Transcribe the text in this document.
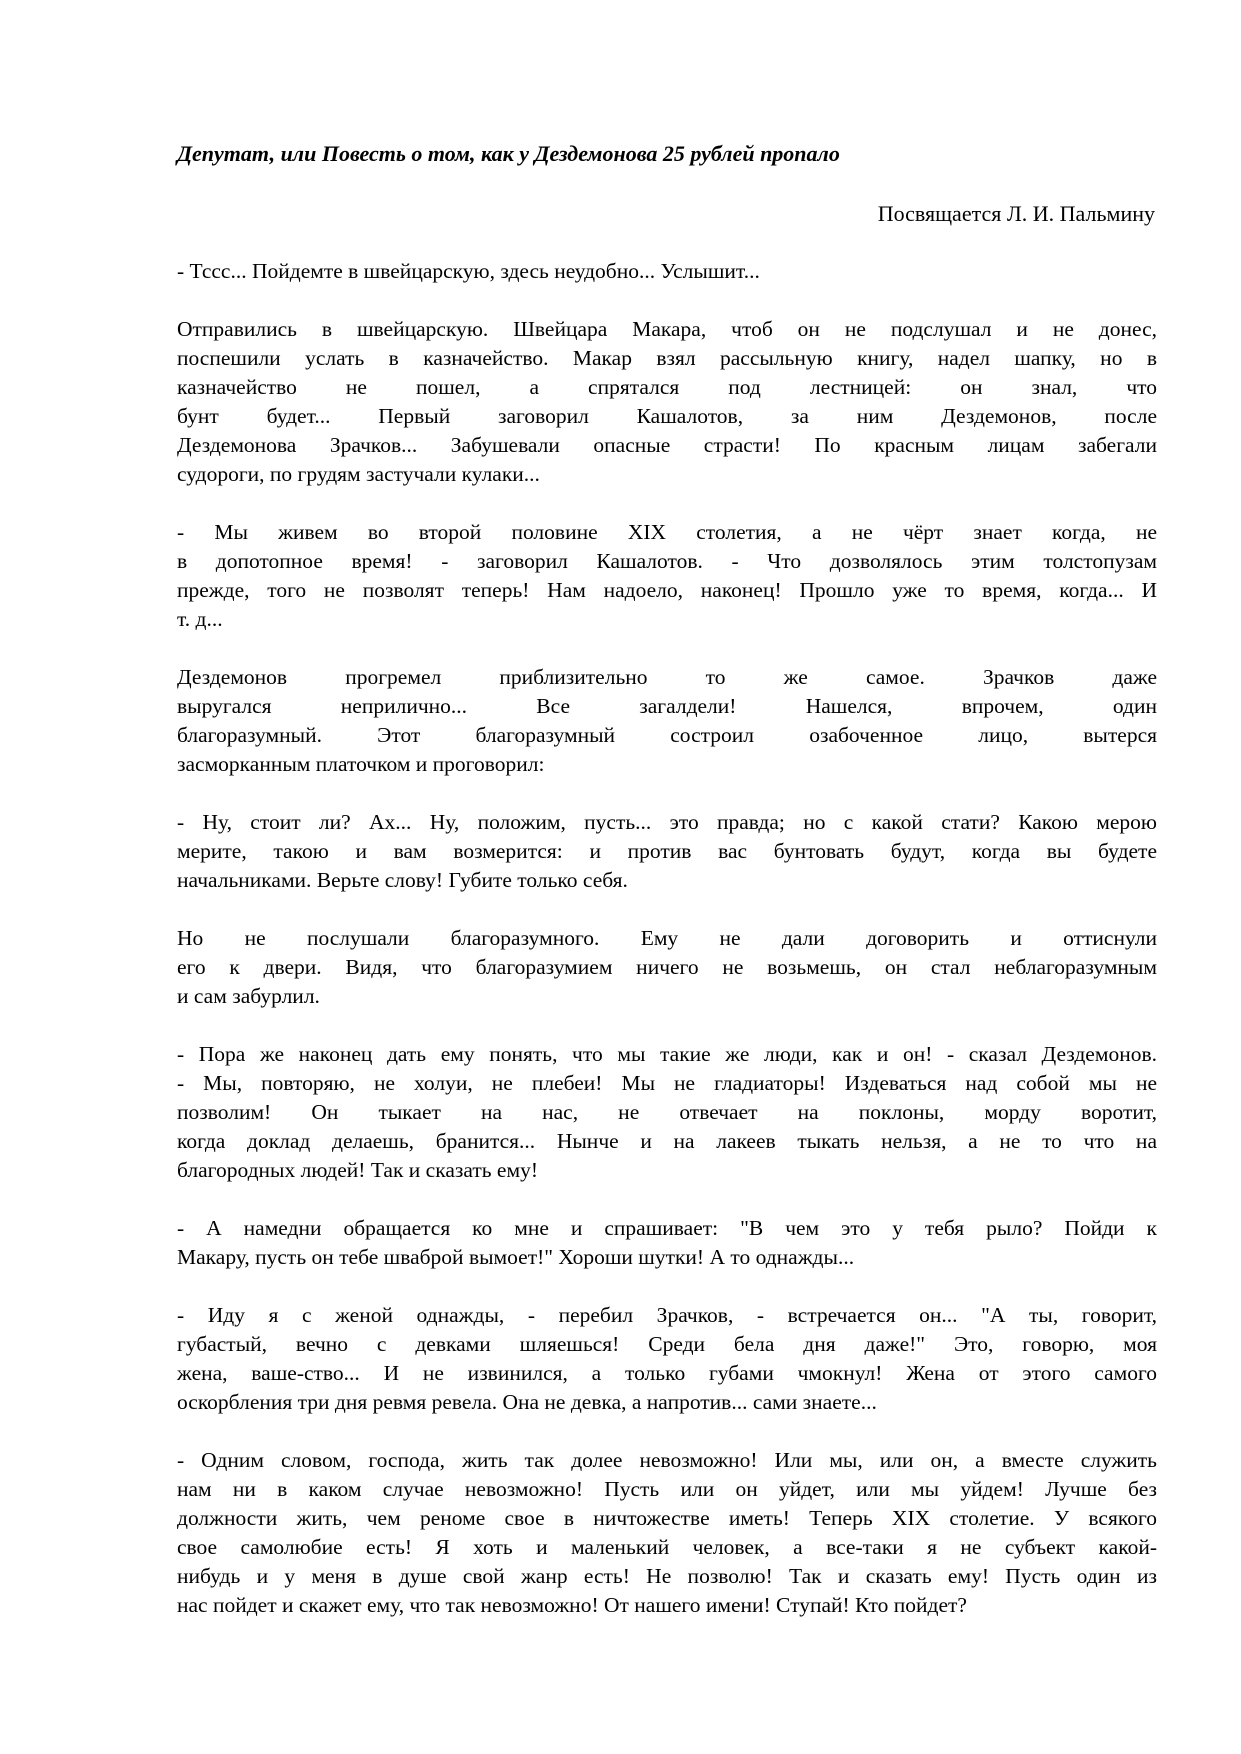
Депутат, или Повесть о том, как у Дездемонова 25 рублей пропало
Посвящается Л. И. Пальмину
- Тссс... Пойдемте в швейцарскую, здесь неудобно... Услышит...
Отправились в швейцарскую. Швейцара Макара, чтоб он не подслушал и не донес,
поспешили услать в казначейство. Макар взял рассыльную книгу, надел шапку, но в
казначейство не пошел, а спрятался под лестницей: он знал, что
бунт будет... Первый заговорил Кашалотов, за ним Дездемонов, после
Дездемонова Зрачков... Забушевали опасные страсти! По красным лицам забегали
судороги, по грудям застучали кулаки...
- Мы живем во второй половине XIX столетия, а не чёрт знает когда, не
в допотопное время! - заговорил Кашалотов. - Что дозволялось этим толстопузам
прежде, того не позволят теперь! Нам надоело, наконец! Прошло уже то время, когда... И
т. д...
Дездемонов прогремел приблизительно то же самое. Зрачков даже
выругался неприлично... Все загалдели! Нашелся, впрочем, один
благоразумный. Этот благоразумный состроил озабоченное лицо, вытерся
засморканным платочком и проговорил:
- Ну, стоит ли? Ах... Ну, положим, пусть... это правда; но с какой стати? Какою мерою
мерите, такою и вам возмерится: и против вас бунтовать будут, когда вы будете
начальниками. Верьте слову! Губите только себя.
Но не послушали благоразумного. Ему не дали договорить и оттиснули
его к двери. Видя, что благоразумием ничего не возьмешь, он стал неблагоразумным
и сам забурлил.
- Пора же наконец дать ему понять, что мы такие же люди, как и он! - сказал Дездемонов.
- Мы, повторяю, не холуи, не плебеи! Мы не гладиаторы! Издеваться над собой мы не
позволим! Он тыкает на нас, не отвечает на поклоны, морду воротит,
когда доклад делаешь, бранится... Нынче и на лакеев тыкать нельзя, а не то что на
благородных людей! Так и сказать ему!
- А намедни обращается ко мне и спрашивает: "В чем это у тебя рыло? Пойди к
Макару, пусть он тебе шваброй вымоет!" Хороши шутки! А то однажды...
- Иду я с женой однажды, - перебил Зрачков, - встречается он... "А ты, говорит,
губастый, вечно с девками шляешься! Среди бела дня даже!" Это, говорю, моя
жена, ваше-ство... И не извинился, а только губами чмокнул! Жена от этого самого
оскорбления три дня ревмя ревела. Она не девка, а напротив... сами знаете...
- Одним словом, господа, жить так долее невозможно! Или мы, или он, а вместе служить
нам ни в каком случае невозможно! Пусть или он уйдет, или мы уйдем! Лучше без
должности жить, чем реноме свое в ничтожестве иметь! Теперь XIX столетие. У всякого
свое самолюбие есть! Я хоть и маленький человек, а все-таки я не субъект какой-
нибудь и у меня в душе свой жанр есть! Не позволю! Так и сказать ему! Пусть один из
нас пойдет и скажет ему, что так невозможно! От нашего имени! Ступай! Кто пойдет?
